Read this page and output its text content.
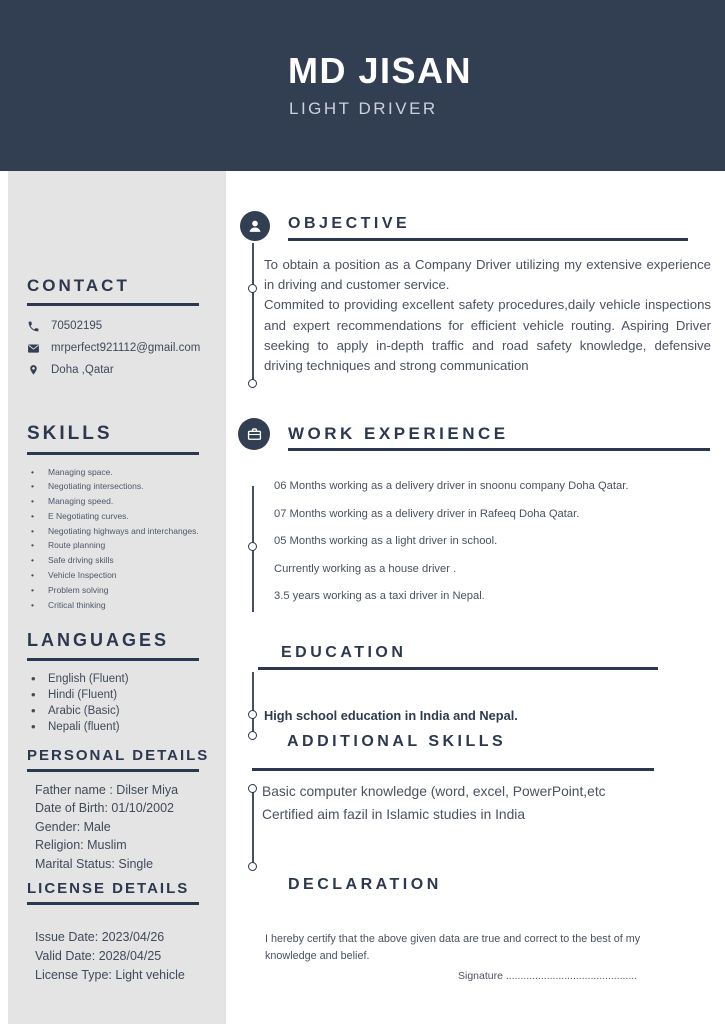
MD JISAN
LIGHT DRIVER
CONTACT
70502195
mrperfect921112@gmail.com
Doha ,Qatar
SKILLS
• Managing space.
• Negotiating intersections.
• Managing speed.
• E Negotiating curves.
• Negotiating highways and interchanges.
• Route planning
• Safe driving skills
• Vehicle Inspection
• Problem solving
• Critical thinking
LANGUAGES
• English (Fluent)
• Hindi (Fluent)
• Arabic (Basic)
• Nepali (fluent)
PERSONAL DETAILS
Father name : Dilser Miya
Date of Birth: 01/10/2002
Gender: Male
Religion: Muslim
Marital Status: Single
LICENSE DETAILS
Issue Date: 2023/04/26
Valid Date: 2028/04/25
License Type: Light vehicle
OBJECTIVE
To obtain a position as a Company Driver utilizing my extensive experience in driving and customer service.
Commited to providing excellent safety procedures,daily vehicle inspections and expert recommendations for efficient vehicle routing. Aspiring Driver seeking to apply in-depth traffic and road safety knowledge, defensive driving techniques and strong communication
WORK EXPERIENCE
06 Months working as a delivery driver in snoonu company Doha Qatar.
07 Months working as a delivery driver in Rafeeq Doha Qatar.
05 Months working as a light driver in school.
Currently working as a house driver .
3.5 years working as a taxi driver in Nepal.
EDUCATION
High school education in India and Nepal.
ADDITIONAL SKILLS
Basic computer knowledge (word, excel, PowerPoint,etc
Certified aim fazil in Islamic studies in India
DECLARATION
I hereby certify that the above given data are true and correct to the best of my knowledge and belief.
Signature .............................................
